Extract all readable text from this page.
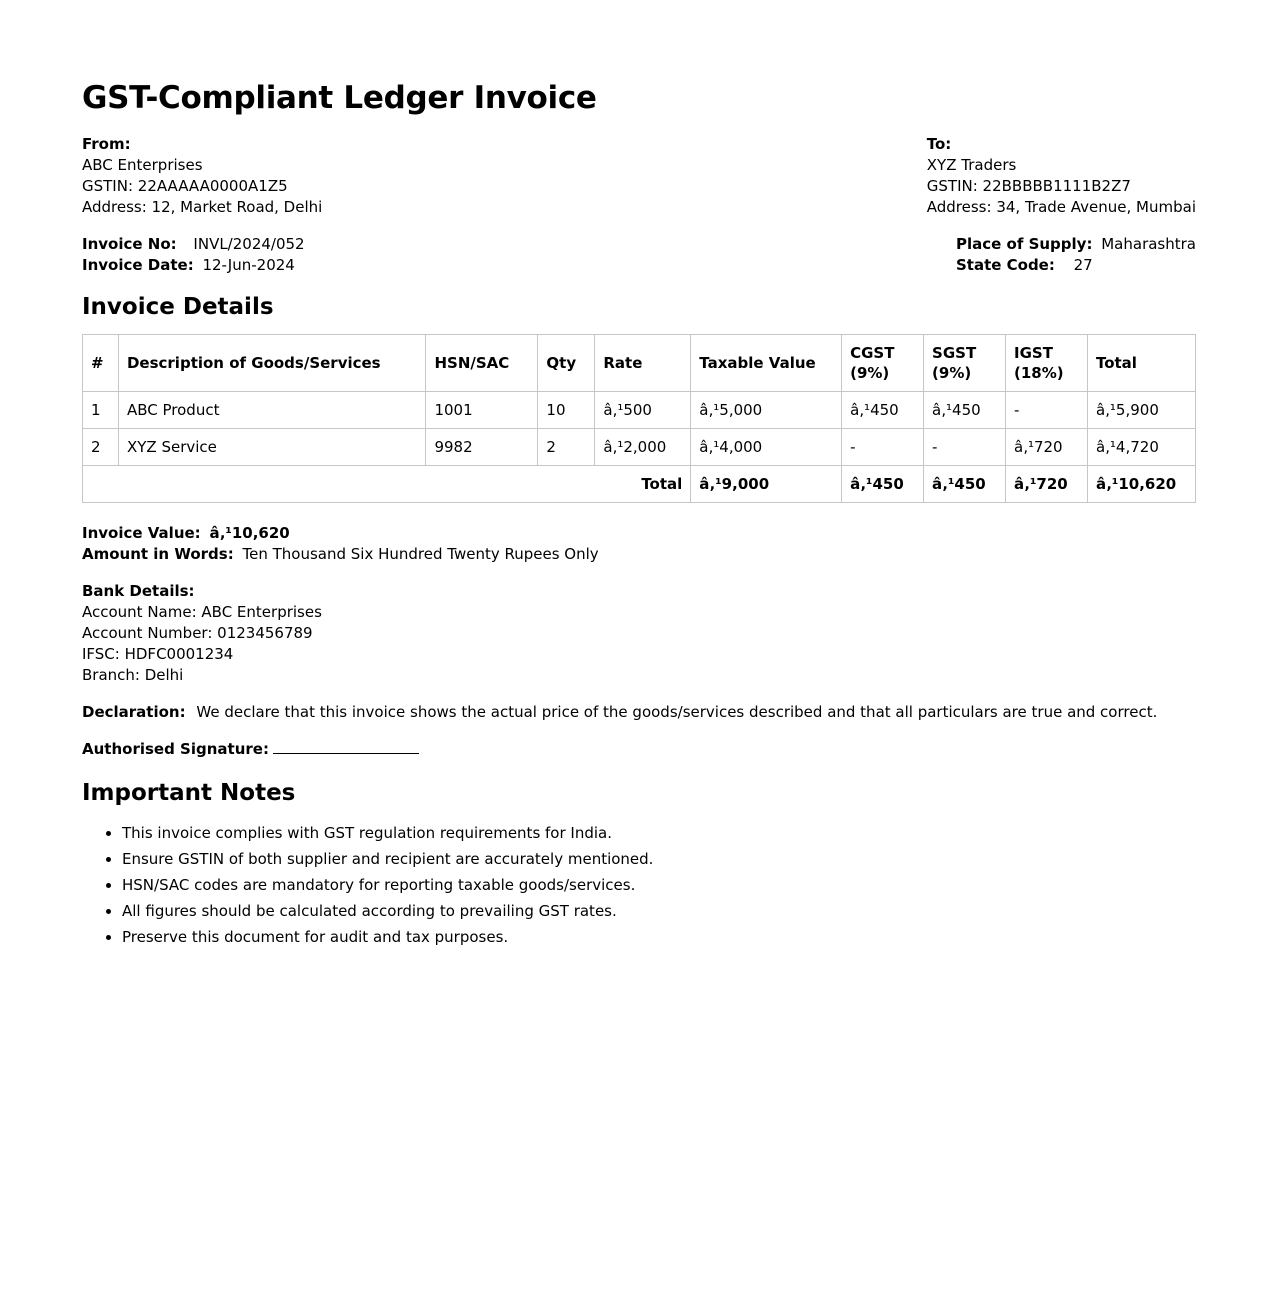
GST-Compliant Ledger Invoice
From:
ABC Enterprises
GSTIN: 22AAAAA0000A1Z5
Address: 12, Market Road, Delhi
To:
XYZ Traders
GSTIN: 22BBBBB1111B2Z7
Address: 34, Trade Avenue, Mumbai
Invoice No: INVL/2024/052
Invoice Date: 12-Jun-2024
Place of Supply: Maharashtra
State Code: 27
Invoice Details
#	Description of Goods/Services	HSN/SAC	Qty	Rate	Taxable Value	CGST (9%)	SGST (9%)	IGST (18%)	Total
1	ABC Product	1001	10	â‚¹500	â‚¹5,000	â‚¹450	â‚¹450	-	â‚¹5,900
2	XYZ Service	9982	2	â‚¹2,000	â‚¹4,000	-	-	â‚¹720	â‚¹4,720
Total					â‚¹9,000	â‚¹450	â‚¹450	â‚¹720	â‚¹10,620
Invoice Value: â‚¹10,620
Amount in Words: Ten Thousand Six Hundred Twenty Rupees Only
Bank Details:
Account Name: ABC Enterprises
Account Number: 0123456789
IFSC: HDFC0001234
Branch: Delhi
Declaration: We declare that this invoice shows the actual price of the goods/services described and that all particulars are true and correct.
Authorised Signature:
Important Notes
• This invoice complies with GST regulation requirements for India.
• Ensure GSTIN of both supplier and recipient are accurately mentioned.
• HSN/SAC codes are mandatory for reporting taxable goods/services.
• All figures should be calculated according to prevailing GST rates.
• Preserve this document for audit and tax purposes.
